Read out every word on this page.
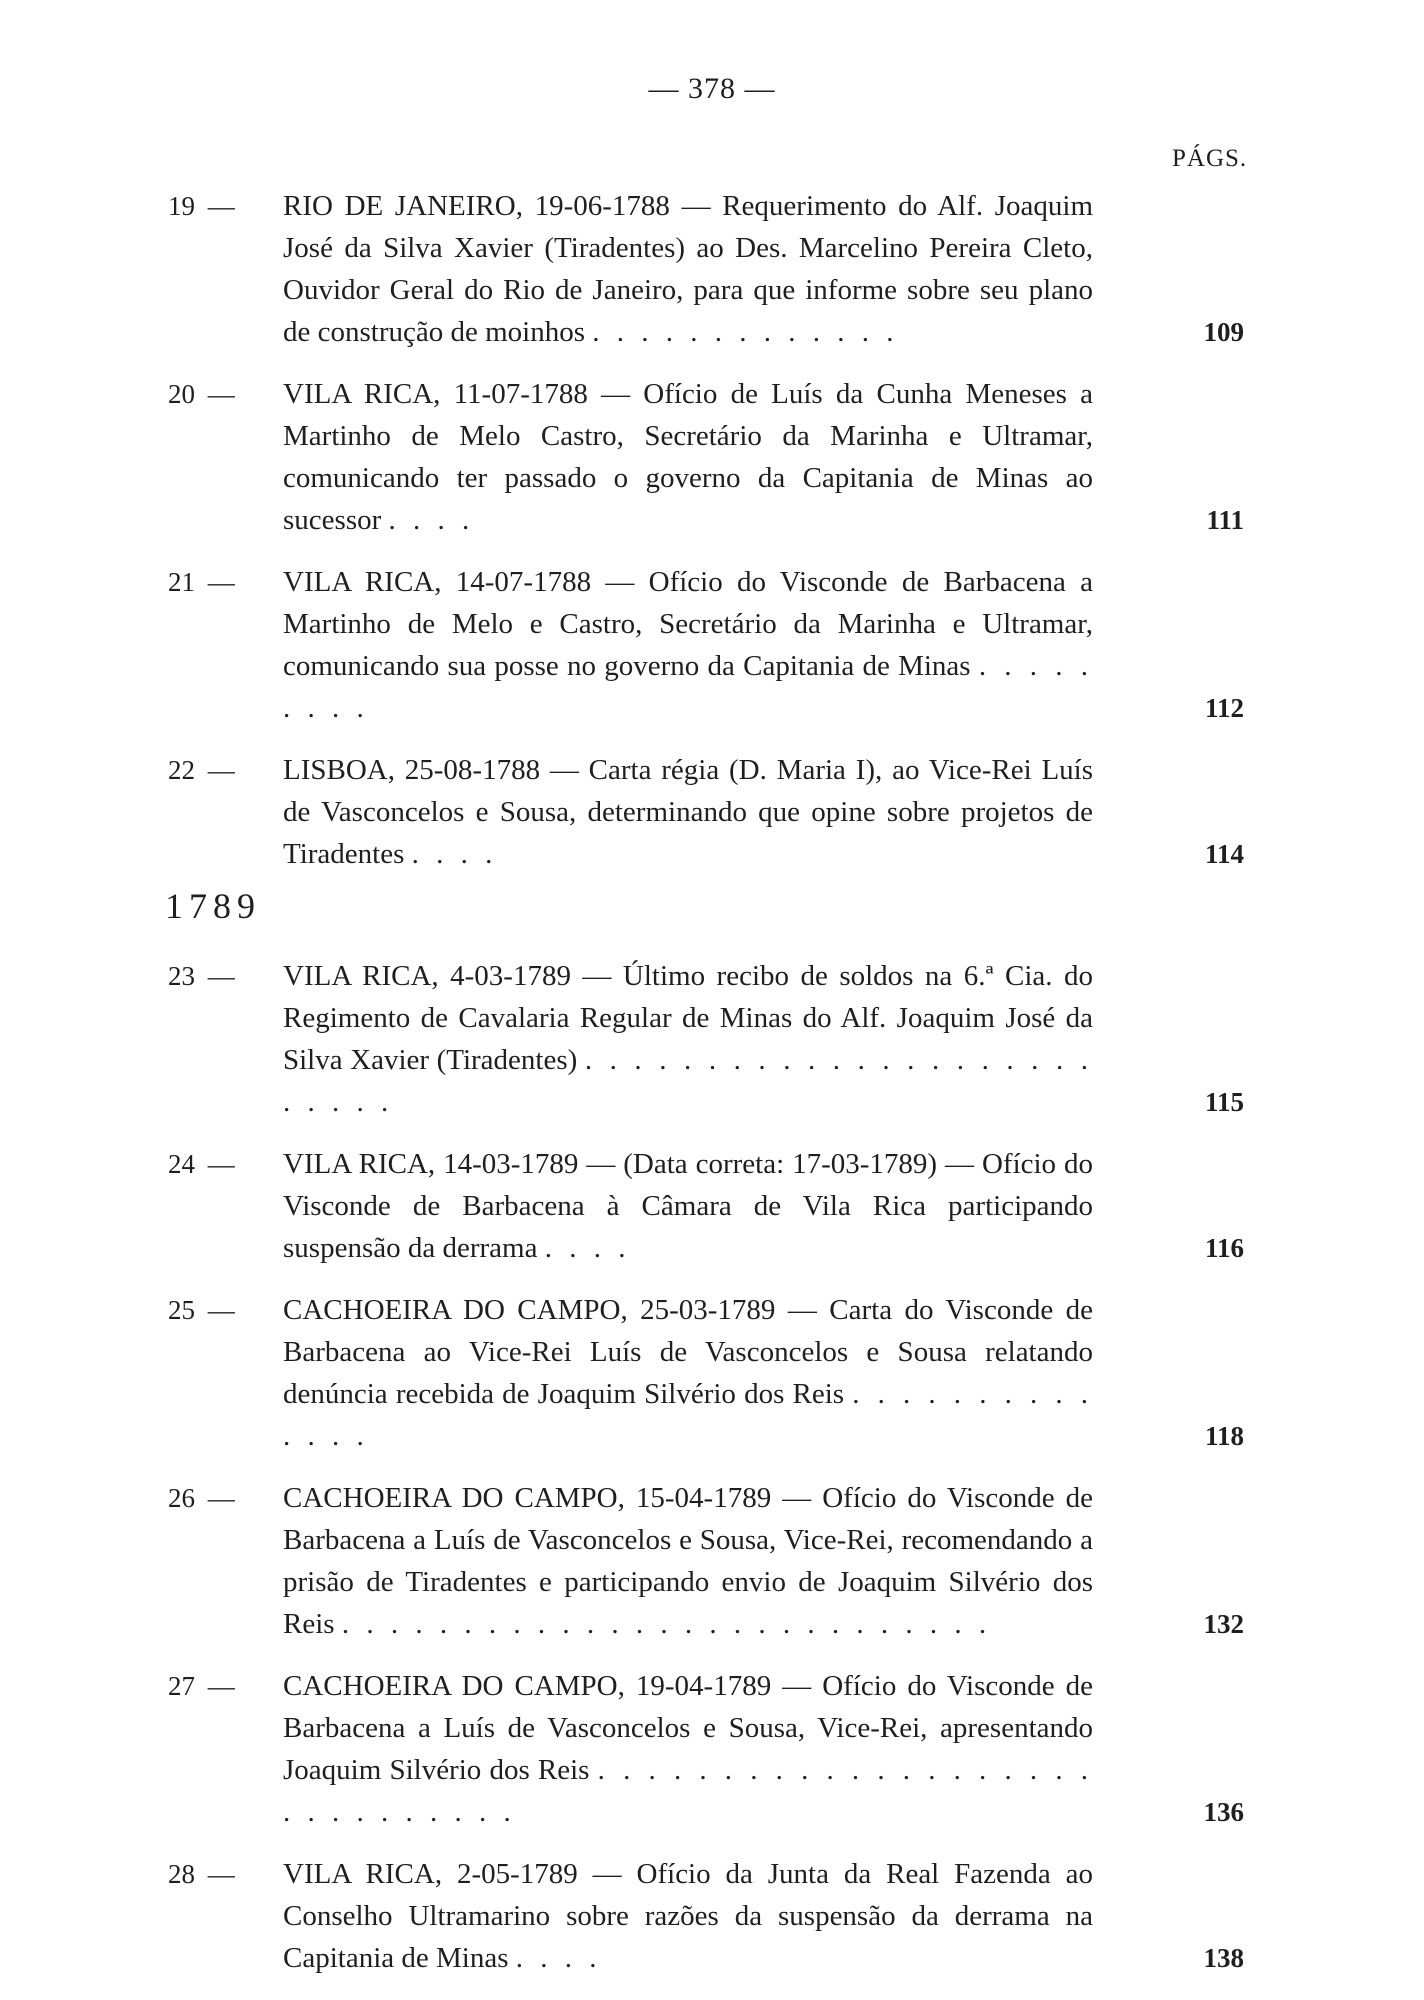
— 378 —
PÁGS.
19 — RIO DE JANEIRO, 19-06-1788 — Requerimento do Alf. Joaquim José da Silva Xavier (Tiradentes) ao Des. Marcelino Pereira Cleto, Ouvidor Geral do Rio de Janeiro, para que informe sobre seu plano de construção de moinhos . . . . . . . . . . . . .	109
20 — VILA RICA, 11-07-1788 — Ofício de Luís da Cunha Meneses a Martinho de Melo Castro, Secretário da Marinha e Ultramar, comunicando ter passado o governo da Capitania de Minas ao sucessor . . . .	111
21 — VILA RICA, 14-07-1788 — Ofício do Visconde de Barbacena a Martinho de Melo e Castro, Secretário da Marinha e Ultramar, comunicando sua posse no governo da Capitania de Minas . . . . . . . . .	112
22 — LISBOA, 25-08-1788 — Carta régia (D. Maria I), ao Vice-Rei Luís de Vasconcelos e Sousa, determinando que opine sobre projetos de Tiradentes . . . .	114
1789
23 — VILA RICA, 4-03-1789 — Último recibo de soldos na 6.ª Cia. do Regimento de Cavalaria Regular de Minas do Alf. Joaquim José da Silva Xavier (Tiradentes) . . . . . . . . . . . . . . . . . . . . . . . . . .	115
24 — VILA RICA, 14-03-1789 — (Data correta: 17-03-1789) — Ofício do Visconde de Barbacena à Câmara de Vila Rica participando suspensão da derrama . . . .	116
25 — CACHOEIRA DO CAMPO, 25-03-1789 — Carta do Visconde de Barbacena ao Vice-Rei Luís de Vasconcelos e Sousa relatando denúncia recebida de Joaquim Silvério dos Reis . . . . . . . . . . . . . .	118
26 — CACHOEIRA DO CAMPO, 15-04-1789 — Ofício do Visconde de Barbacena a Luís de Vasconcelos e Sousa, Vice-Rei, recomendando a prisão de Tiradentes e participando envio de Joaquim Silvério dos Reis . . . . . . . . . . . . . . . . . . . . . . . . . . .	132
27 — CACHOEIRA DO CAMPO, 19-04-1789 — Ofício do Visconde de Barbacena a Luís de Vasconcelos e Sousa, Vice-Rei, apresentando Joaquim Silvério dos Reis . . . . . . . . . . . . . . . . . . . . . . . . . . . . . .	136
28 — VILA RICA, 2-05-1789 — Ofício da Junta da Real Fazenda ao Conselho Ultramarino sobre razões da suspensão da derrama na Capitania de Minas . . . .	138
